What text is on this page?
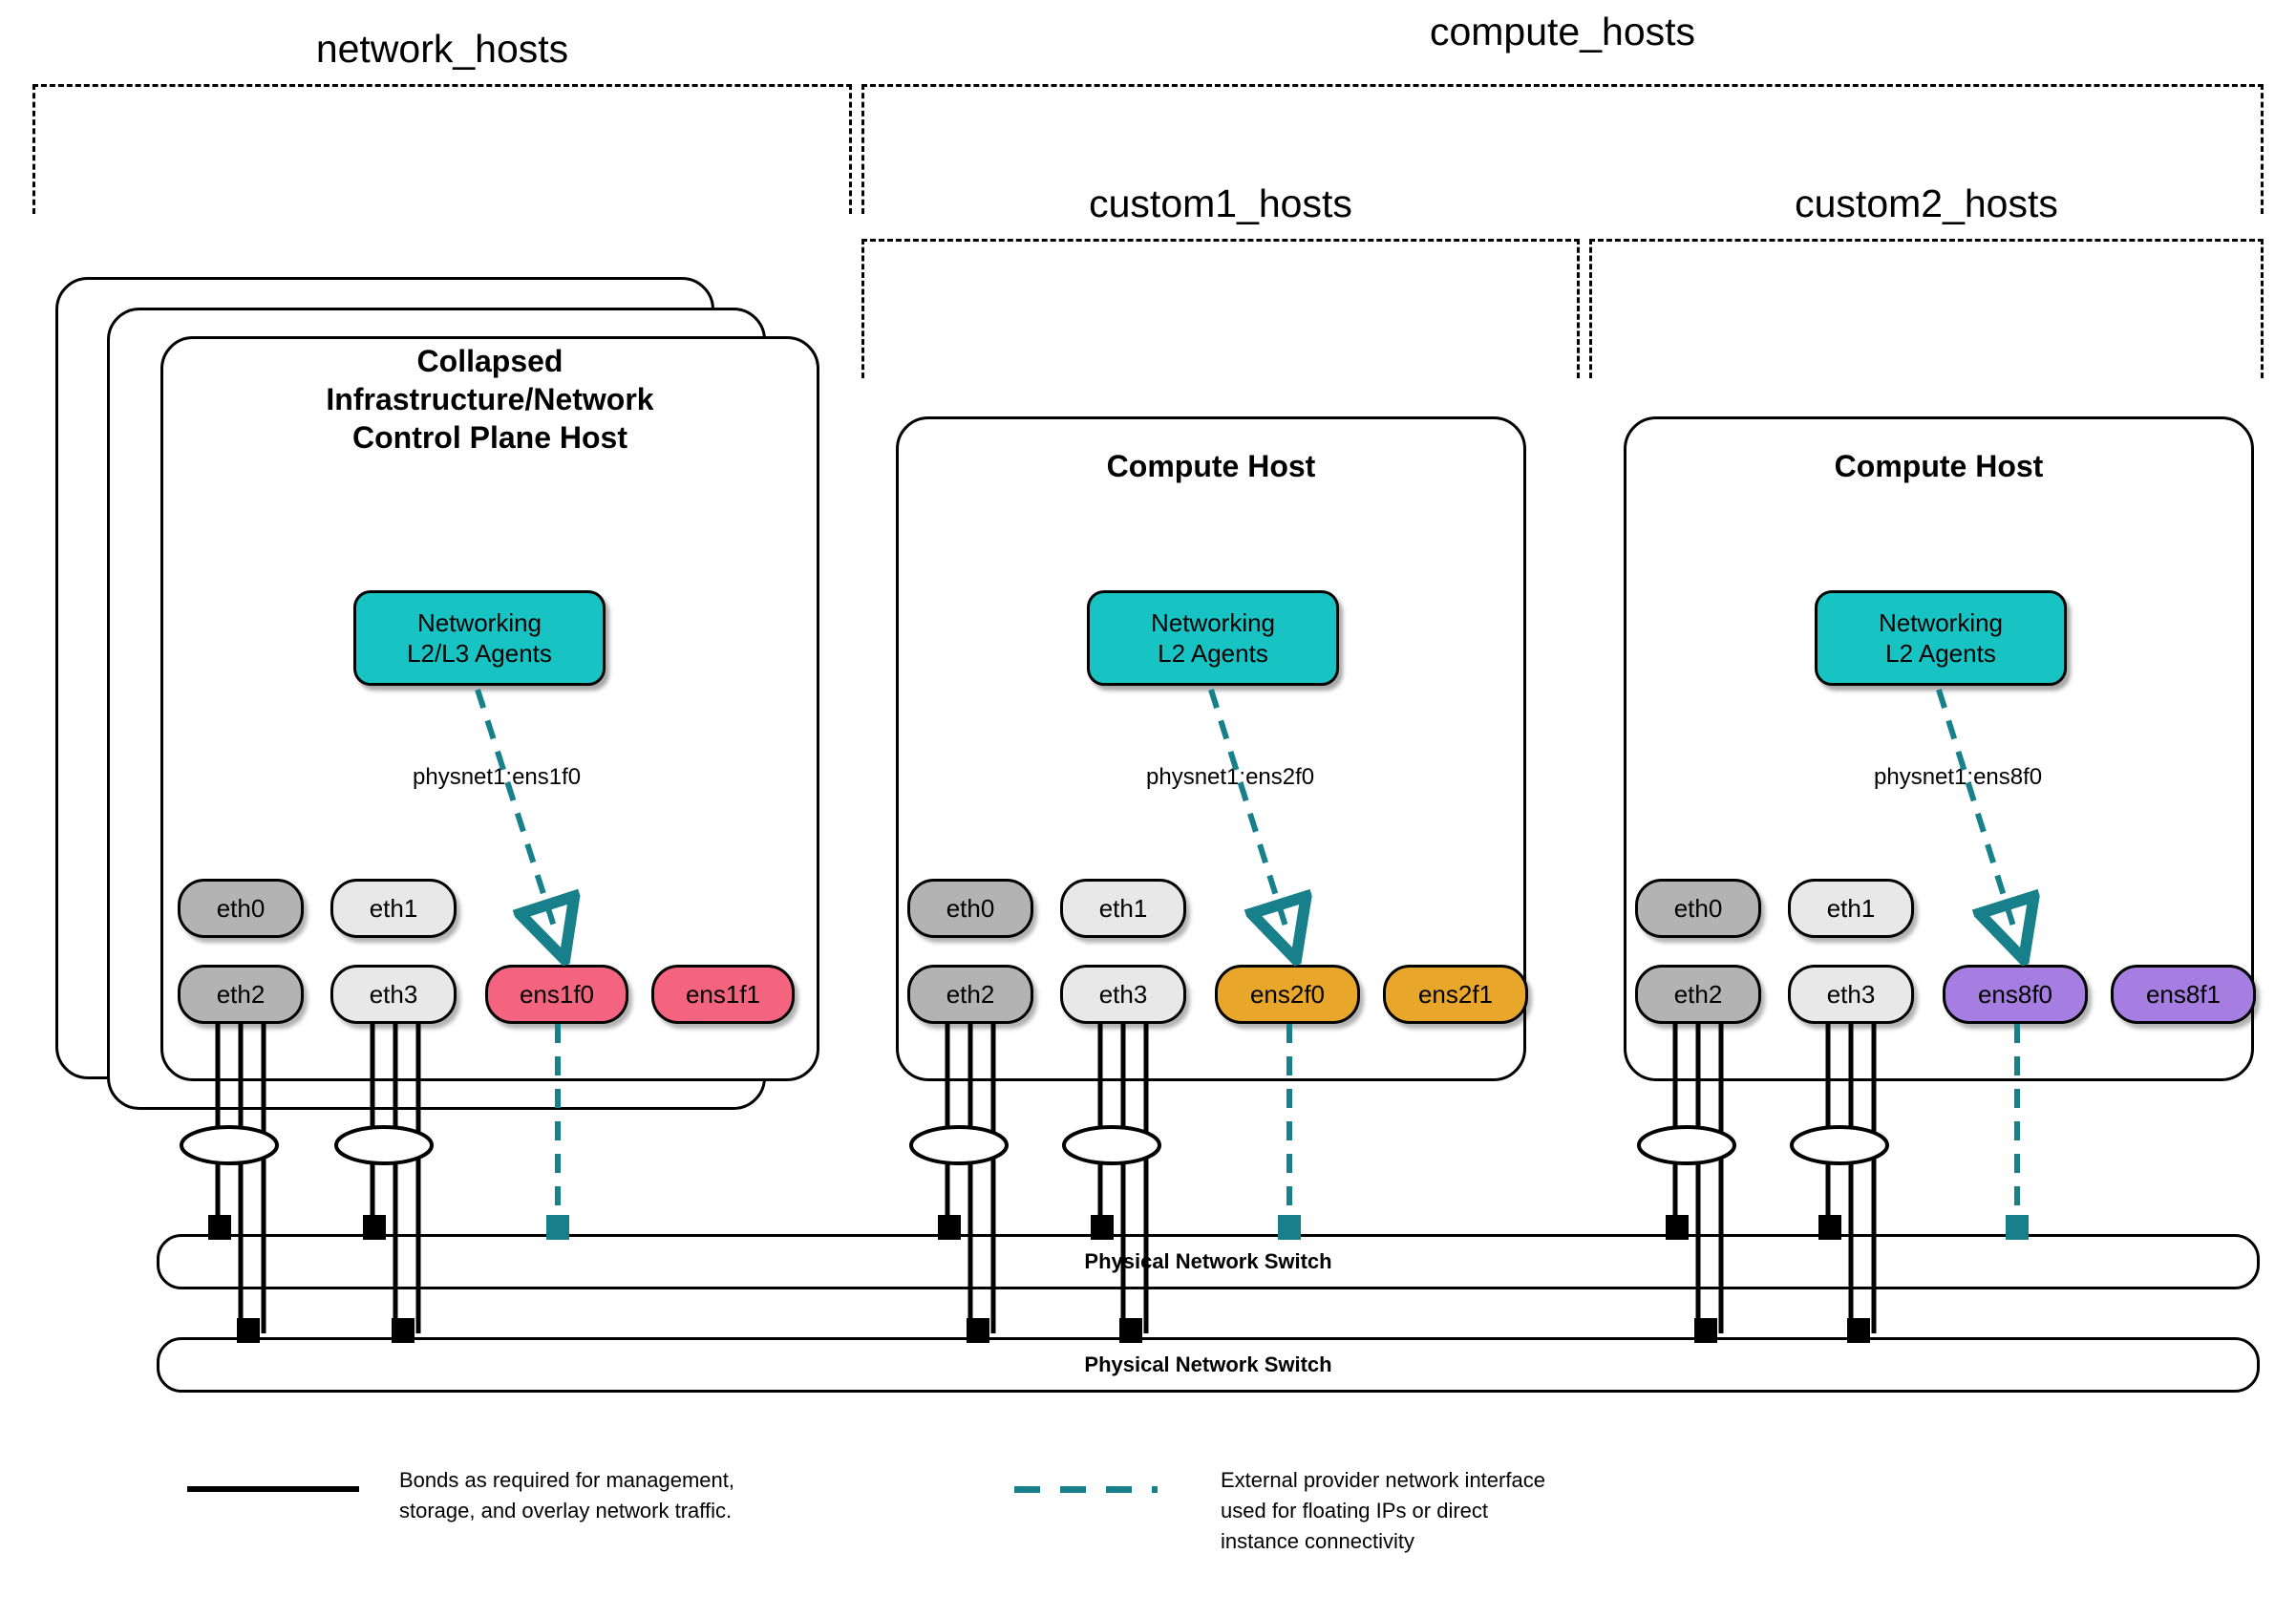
network_hosts	compute_hosts
custom1_hosts	custom2_hosts
Collapsed
Infrastructure/Network
Control Plane Host
Networking
L2/L3 Agents
physnet1:ens1f0
eth0	eth1
eth2	eth3	ens1f0	ens1f1
Compute Host
Networking
L2 Agents
physnet1:ens2f0
eth0	eth1
eth2	eth3	ens2f0	ens2f1
Compute Host
Networking
L2 Agents
physnet1:ens8f0
eth0	eth1
eth2	eth3	ens8f0	ens8f1
Physical Network Switch
Physical Network Switch
Bonds as required for management,
storage, and overlay network traffic.
External provider network interface
used for floating IPs or direct
instance connectivity
